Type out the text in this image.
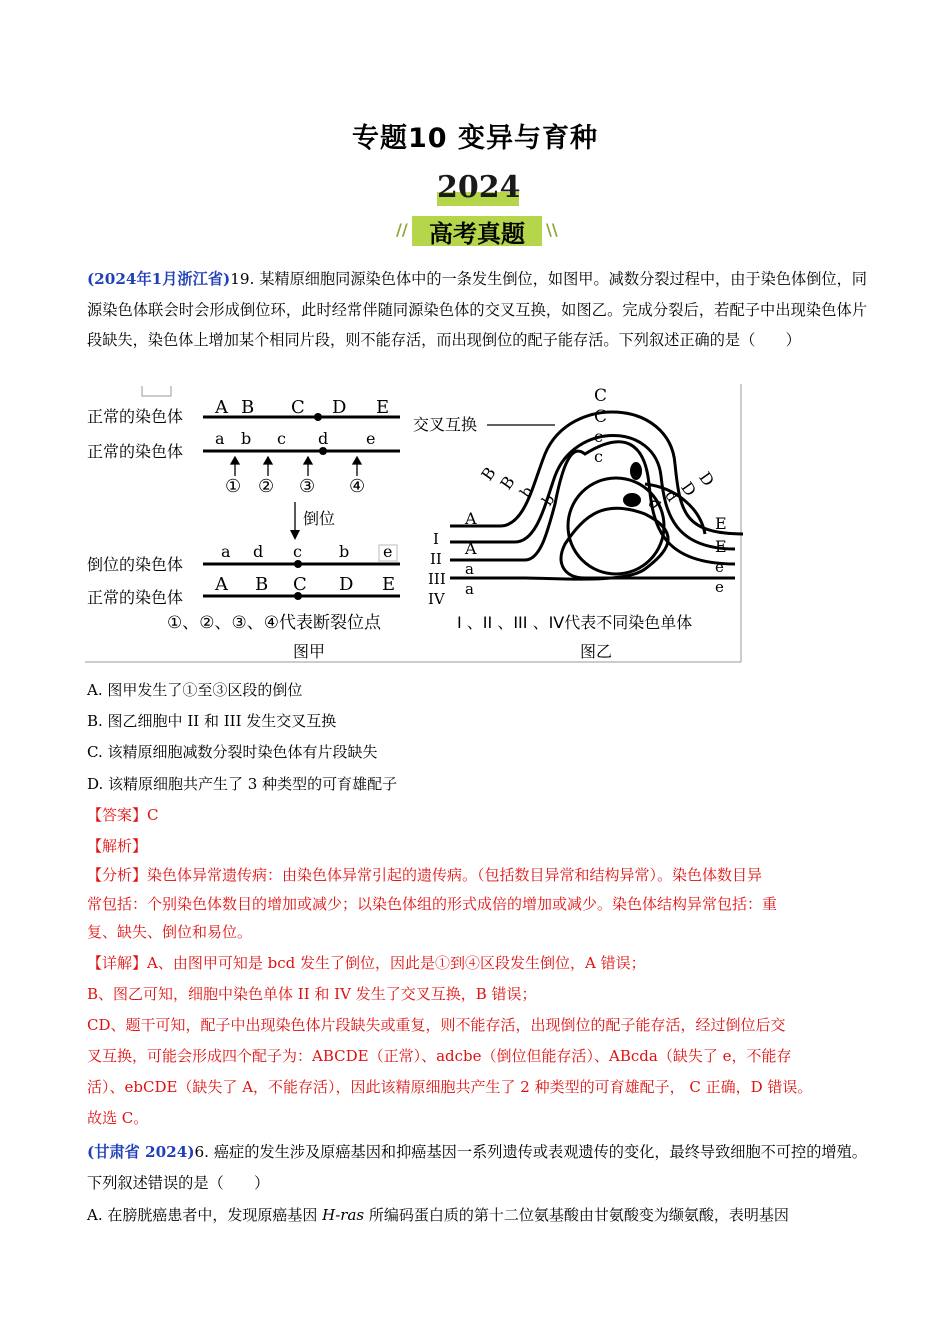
专题10 变异与育种
2024
// 高考真题	\\
(2024年1月浙江省)19. 某精原细胞同源染色体中的一条发生倒位，如图甲。减数分裂过程中，由于染色体倒位，同源染色体联会时会形成倒位环，此时经常伴随同源染色体的交叉互换，如图乙。完成分裂后，若配子中出现染色体片段缺失，染色体上增加某个相同片段，则不能存活，而出现倒位的配子能存活。下列叙述正确的是（　　）
正常的染色体 A B C D E
正常的染色体
a b c d e
① ② ③ ④
倒位
倒位的染色体
a d c b e
正常的染色体
A B C D E
①、②、③、④代表断裂位点
图甲
交叉互换
C
C
c
c
B
B
b b
D
D
d
d
I
II
III
IV
A
A
a
a
E
E
e
e
I 、II 、III 、IV代表不同染色单体
图乙
A. 图甲发生了①至③区段的倒位
B. 图乙细胞中 II 和 III 发生交叉互换
C. 该精原细胞减数分裂时染色体有片段缺失
D. 该精原细胞共产生了 3 种类型的可育雄配子
【答案】C
【解析】
【分析】染色体异常遗传病：由染色体异常引起的遗传病。（包括数目异常和结构异常）。染色体数目异
常包括：个别染色体数目的增加或减少；以染色体组的形式成倍的增加或减少。染色体结构异常包括：重
复、缺失、倒位和易位。
【详解】A、由图甲可知是 bcd 发生了倒位，因此是①到④区段发生倒位，A 错误；
B、图乙可知，细胞中染色单体 II 和 IV 发生了交叉互换，B 错误；
CD、题干可知，配子中出现染色体片段缺失或重复，则不能存活，出现倒位的配子能存活，经过倒位后交
叉互换，可能会形成四个配子为：ABCDE（正常）、adcbe（倒位但能存活）、ABcda（缺失了 e，不能存
活）、ebCDE（缺失了 A，不能存活），因此该精原细胞共产生了 2 种类型的可育雄配子， C 正确，D 错误。
故选 C。
(甘肃省 2024)6. 癌症的发生涉及原癌基因和抑癌基因一系列遗传或表观遗传的变化，最终导致细胞不可控的增殖。下列叙述错误的是（　　）
A. 在膀胱癌患者中，发现原癌基因 H-ras 所编码蛋白质的第十二位氨基酸由甘氨酸变为缬氨酸，表明基因
